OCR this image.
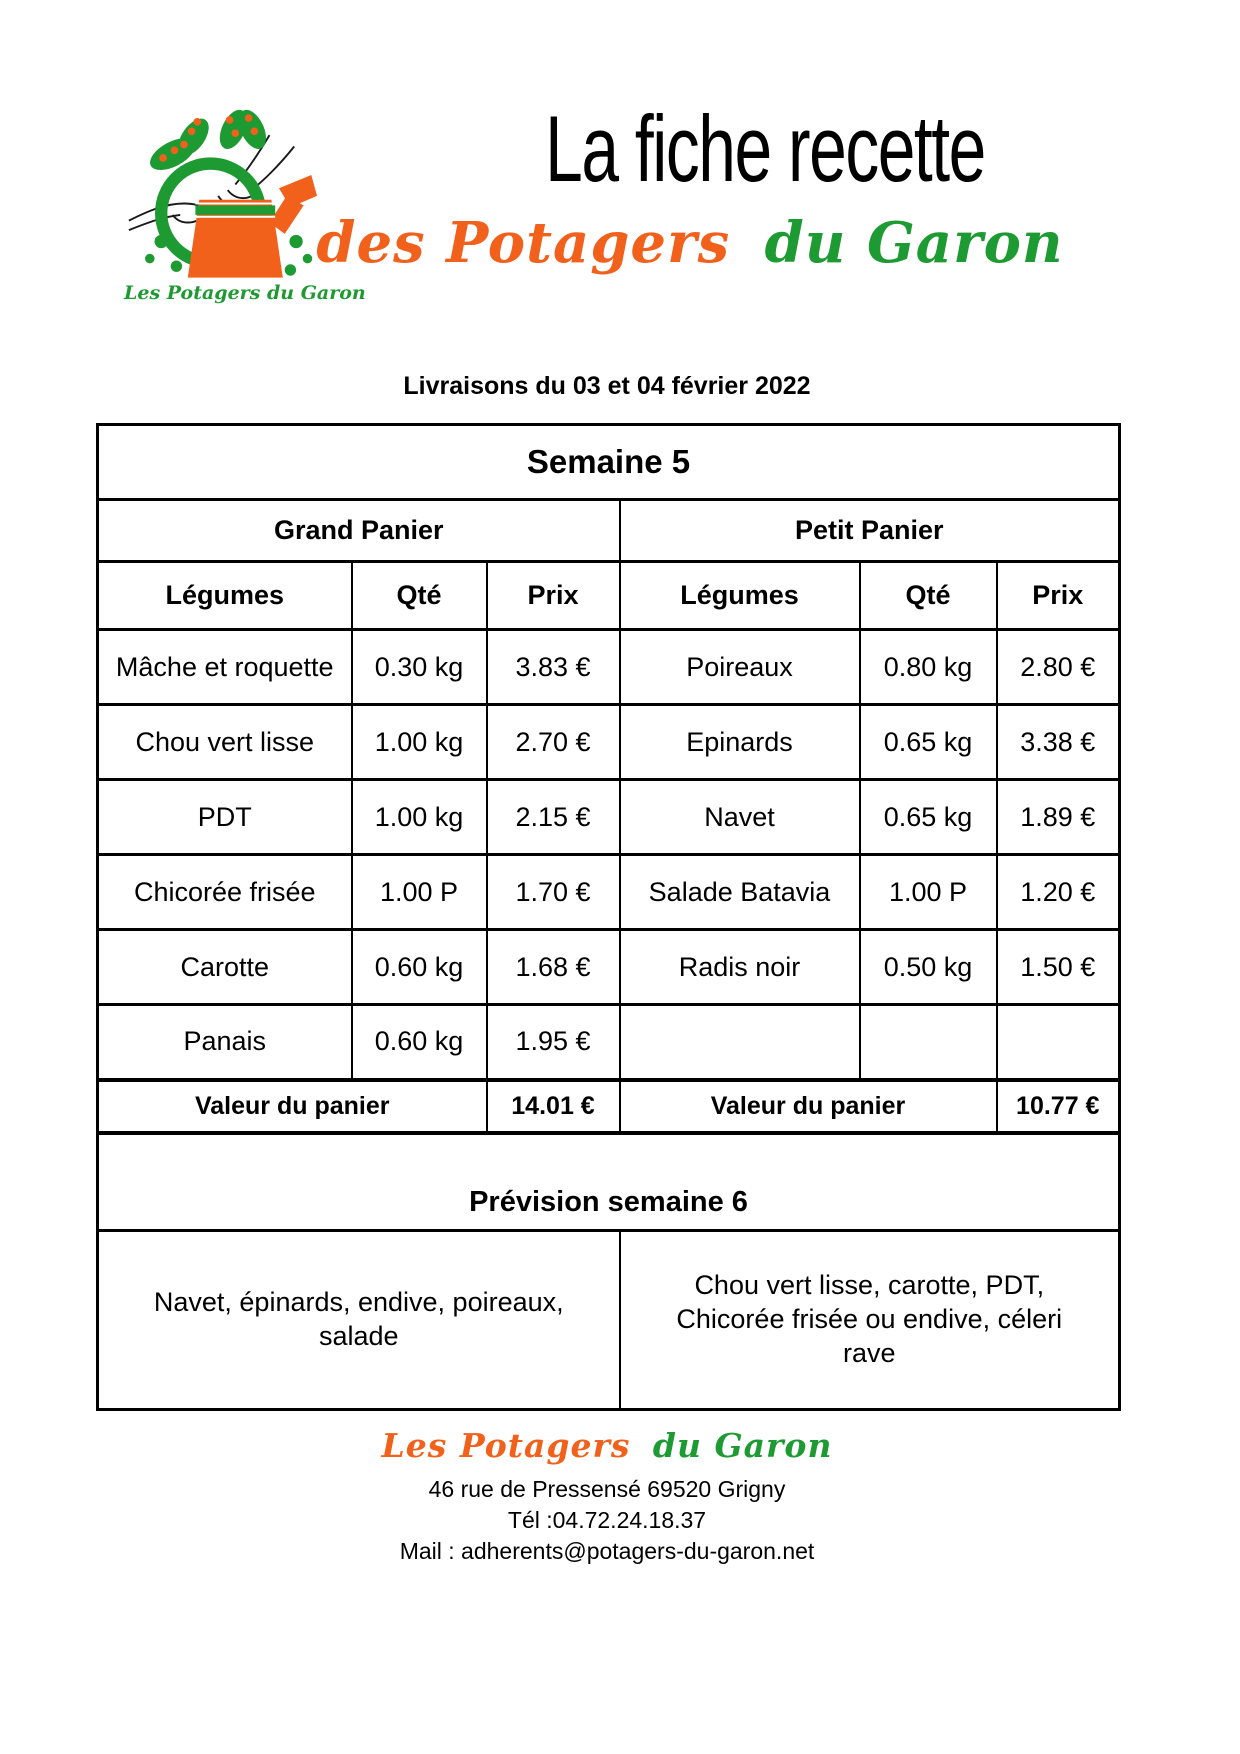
Les Potagers du Garon
La fiche recette
des Potagers du Garon
Livraisons du 03 et 04 février 2022
Semaine 5					
Grand Panier			Petit Panier		
Légumes	Qté	Prix	Légumes	Qté	Prix
Mâche et roquette	0.30 kg	3.83 €	Poireaux	0.80 kg	2.80 €
Chou vert lisse	1.00 kg	2.70 €	Epinards	0.65 kg	3.38 €
PDT	1.00 kg	2.15 €	Navet	0.65 kg	1.89 €
Chicorée frisée	1.00 P	1.70 €	Salade Batavia	1.00 P	1.20 €
Carotte	0.60 kg	1.68 €	Radis noir	0.50 kg	1.50 €
Panais	0.60 kg	1.95 €			
Valeur du panier		14.01 €	Valeur du panier		10.77 €
Prévision semaine 6					
Navet, épinards, endive, poireaux, salade			Chou vert lisse, carotte, PDT, Chicorée frisée ou endive, céleri rave		
Les Potagers du Garon
46 rue de Pressensé 69520 Grigny
Tél :04.72.24.18.37
Mail : adherents@potagers-du-garon.net
